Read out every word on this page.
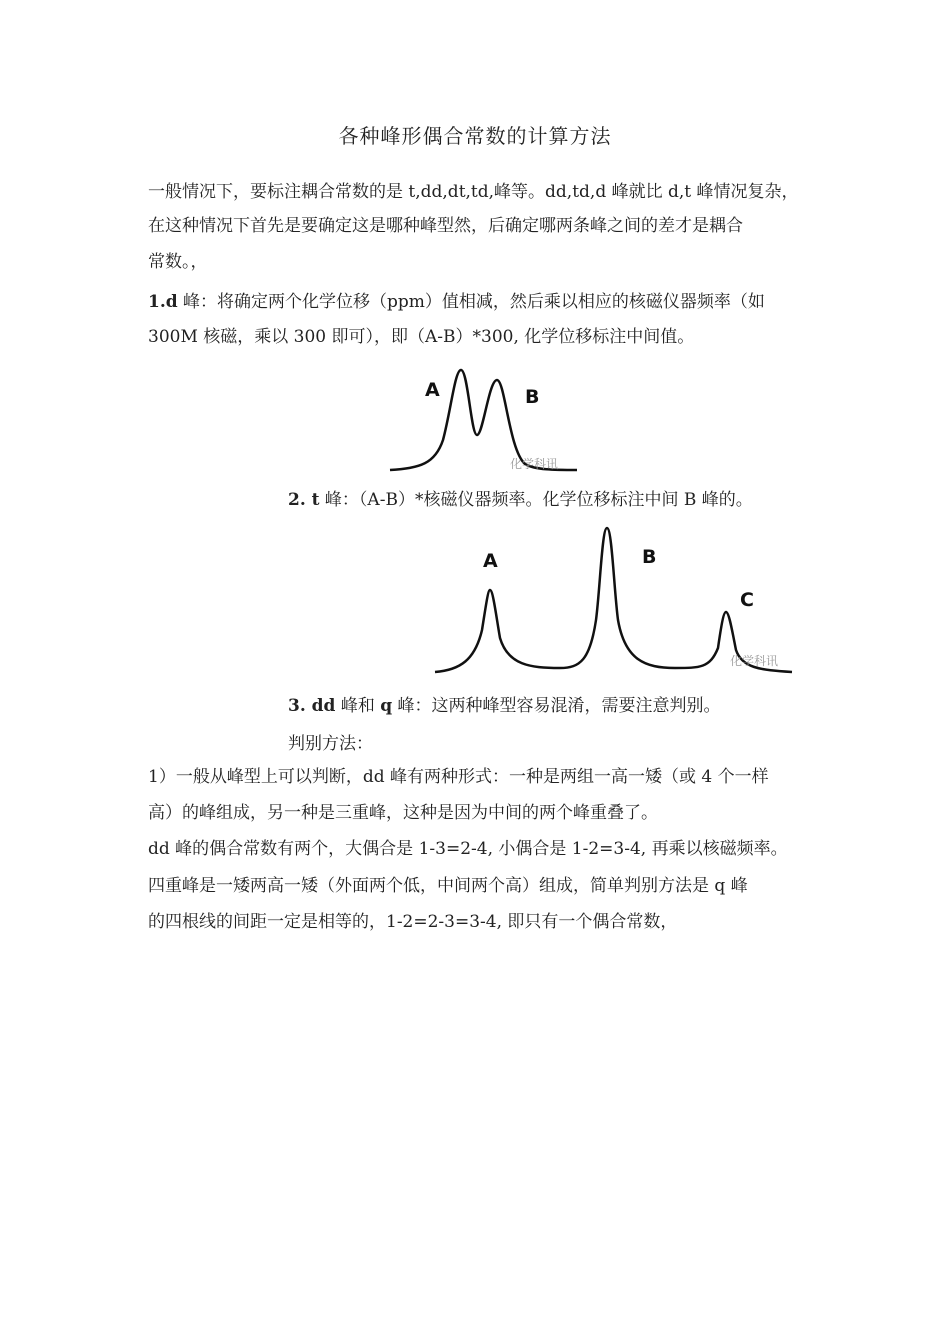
各种峰形偶合常数的计算方法
一般情况下，要标注耦合常数的是 t,dd,dt,td,峰等。dd,td,d 峰就比 d,t 峰情况复杂，
在这种情况下首先是要确定这是哪种峰型然，后确定哪两条峰之间的差才是耦合
常数。，
1.d 峰：将确定两个化学位移（ppm）值相减，然后乘以相应的核磁仪器频率（如
300M 核磁，乘以 300 即可），即（A-B）*300, 化学位移标注中间值。
A	B
化学科讯
2. t 峰：（A-B）*核磁仪器频率。化学位移标注中间 B 峰的。
A	B
C
化学科讯
3. dd 峰和 q 峰：这两种峰型容易混淆，需要注意判别。
判别方法：
1）一般从峰型上可以判断，dd 峰有两种形式：一种是两组一高一矮（或 4 个一样
高）的峰组成，另一种是三重峰，这种是因为中间的两个峰重叠了。
dd 峰的偶合常数有两个，大偶合是 1-3=2-4, 小偶合是 1-2=3-4, 再乘以核磁频率。
四重峰是一矮两高一矮（外面两个低，中间两个高）组成，简单判别方法是 q 峰
的四根线的间距一定是相等的，1-2=2-3=3-4, 即只有一个偶合常数，
